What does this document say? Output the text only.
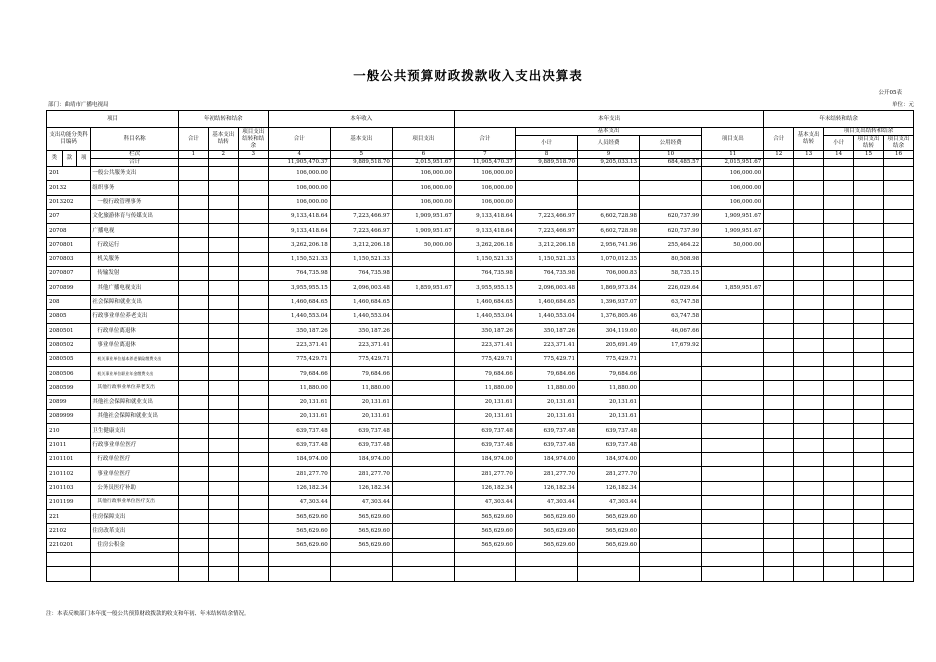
一般公共预算财政拨款收入支出决算表
公开05表
部门：曲靖市广播电视局	单位：元
项目				年初结转和结余			本年收入			本年支出					年末结转和结余				
支出功能分类科目编码			科目名称	合计	基本支出结转	项目支出结转和结余	合计	基本支出	项目支出	合计	基本支出			项目支出	合计	基本支出结转	项目支出结转和结余		
											小计	人员经费	公用经费				小计	项目支出结转	项目支出结余
类	款	项	栏次	1	2	3	4	5	6	7	8	9	10	11	12	13	14	15	16
			合计				11,905,470.37	9,889,518.70	2,015,951.67	11,905,470.37	9,889,518.70	9,205,033.13	684,485.57	2,015,951.67					
201			一般公共服务支出				106,000.00		106,000.00	106,000.00				106,000.00					
20132			组织事务				106,000.00		106,000.00	106,000.00				106,000.00					
2013202			一般行政管理事务				106,000.00		106,000.00	106,000.00				106,000.00					
207			文化旅游体育与传媒支出				9,133,418.64	7,223,466.97	1,909,951.67	9,133,418.64	7,223,466.97	6,602,728.98	620,737.99	1,909,951.67					
20708			广播电视				9,133,418.64	7,223,466.97	1,909,951.67	9,133,418.64	7,223,466.97	6,602,728.98	620,737.99	1,909,951.67					
2070801			行政运行				3,262,206.18	3,212,206.18	50,000.00	3,262,206.18	3,212,206.18	2,956,741.96	255,464.22	50,000.00					
2070803			机关服务				1,150,521.33	1,150,521.33		1,150,521.33	1,150,521.33	1,070,012.35	80,508.98						
2070807			传输发射				764,735.98	764,735.98		764,735.98	764,735.98	706,000.83	58,735.15						
2070899			其他广播电视支出				3,955,955.15	2,096,003.48	1,859,951.67	3,955,955.15	2,096,003.48	1,869,973.84	226,029.64	1,859,951.67					
208			社会保障和就业支出				1,460,684.65	1,460,684.65		1,460,684.65	1,460,684.65	1,396,937.07	63,747.58						
20805			行政事业单位养老支出				1,440,553.04	1,440,553.04		1,440,553.04	1,440,553.04	1,376,805.46	63,747.58						
2080501			行政单位离退休				350,187.26	350,187.26		350,187.26	350,187.26	304,119.60	46,067.66						
2080502			事业单位离退休				223,371.41	223,371.41		223,371.41	223,371.41	205,691.49	17,679.92						
2080505			机关事业单位基本养老保险缴费支出				775,429.71	775,429.71		775,429.71	775,429.71	775,429.71							
2080506			机关事业单位职业年金缴费支出				79,684.66	79,684.66		79,684.66	79,684.66	79,684.66							
2080599			其他行政事业单位养老支出				11,880.00	11,880.00		11,880.00	11,880.00	11,880.00							
20899			其他社会保障和就业支出				20,131.61	20,131.61		20,131.61	20,131.61	20,131.61							
2089999			其他社会保障和就业支出				20,131.61	20,131.61		20,131.61	20,131.61	20,131.61							
210			卫生健康支出				639,737.48	639,737.48		639,737.48	639,737.48	639,737.48							
21011			行政事业单位医疗				639,737.48	639,737.48		639,737.48	639,737.48	639,737.48							
2101101			行政单位医疗				184,974.00	184,974.00		184,974.00	184,974.00	184,974.00							
2101102			事业单位医疗				281,277.70	281,277.70		281,277.70	281,277.70	281,277.70							
2101103			公务员医疗补助				126,182.34	126,182.34		126,182.34	126,182.34	126,182.34							
2101199			其他行政事业单位医疗支出				47,303.44	47,303.44		47,303.44	47,303.44	47,303.44							
221			住房保障支出				565,629.60	565,629.60		565,629.60	565,629.60	565,629.60							
22102			住房改革支出				565,629.60	565,629.60		565,629.60	565,629.60	565,629.60							
2210201			住房公积金				565,629.60	565,629.60		565,629.60	565,629.60	565,629.60							

注：本表反映部门本年度一般公共预算财政拨款的收支和年初、年末结转结余情况。
